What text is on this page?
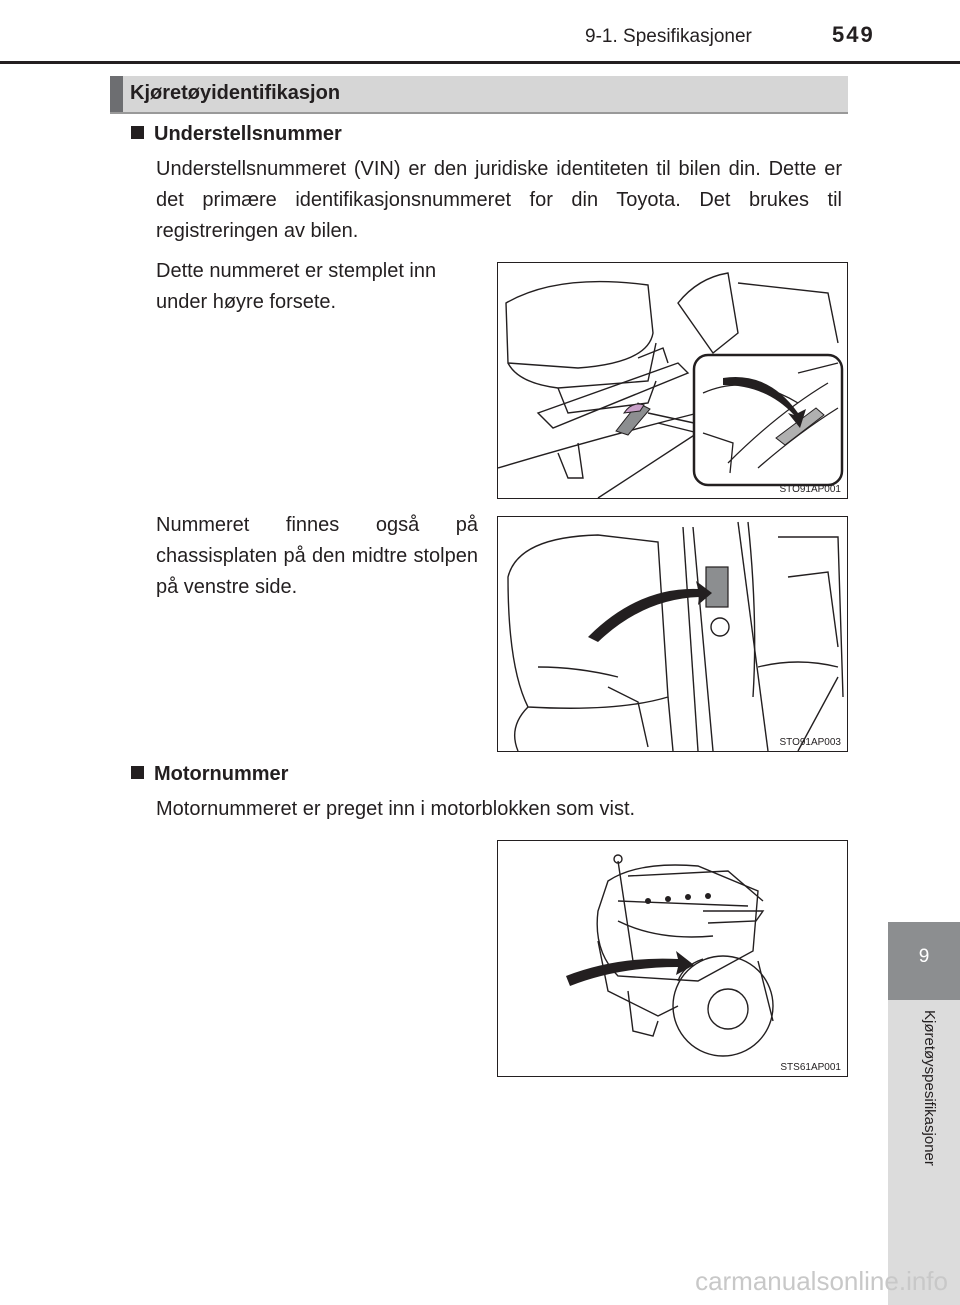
9-1. Spesifikasjoner	549
Kjøretøyidentifikasjon
Understellsnummer
Understellsnummeret (VIN) er den juridiske identiteten til bilen din. Dette er det primære identifikasjonsnummeret for din Toyota. Det brukes til registreringen av bilen.
Dette nummeret er stemplet inn under høyre forsete.
STO91AP001
Nummeret finnes også på chassisplaten på den midtre stolpen på venstre side.
STO91AP003
Motornummer
Motornummeret er preget inn i motorblokken som vist.
STS61AP001
9
Kjøretøyspesifikasjoner
carmanualsonline.info
